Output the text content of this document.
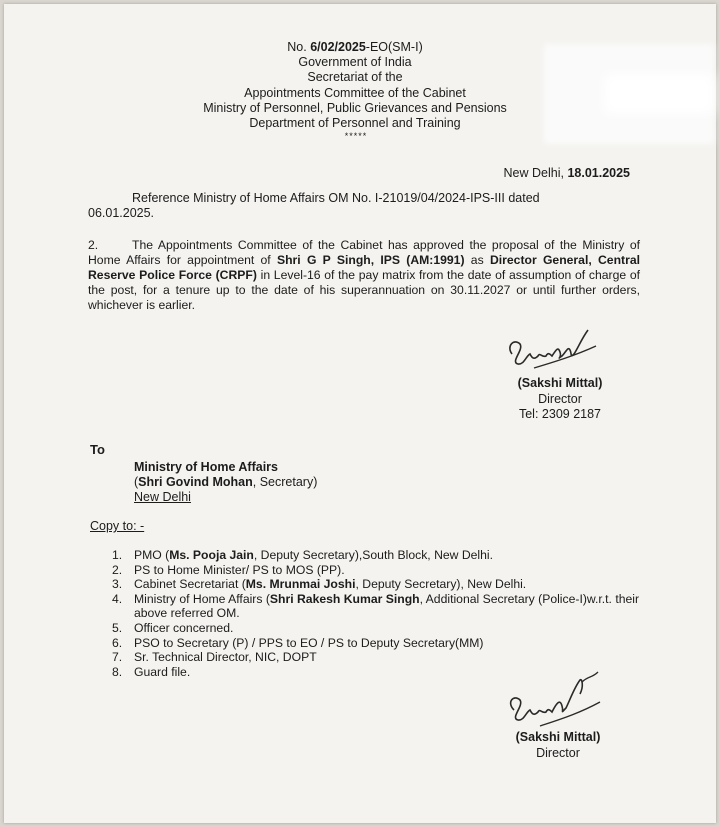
No. 6/02/2025-EO(SM-I)
Government of India
Secretariat of the
Appointments Committee of the Cabinet
Ministry of Personnel, Public Grievances and Pensions
Department of Personnel and Training
*****
New Delhi, 18.01.2025
Reference Ministry of Home Affairs OM No. I-21019/04/2024-IPS-III dated
06.01.2025.
2.	The Appointments Committee of the Cabinet has approved the proposal of the Ministry of Home Affairs for appointment of Shri G P Singh, IPS (AM:1991) as Director General, Central Reserve Police Force (CRPF) in Level-16 of the pay matrix from the date of assumption of charge of the post, for a tenure up to the date of his superannuation on 30.11.2027 or until further orders, whichever is earlier.
(Sakshi Mittal)
Director
Tel: 2309 2187
To
Ministry of Home Affairs
(Shri Govind Mohan, Secretary)
New Delhi
Copy to: -
1. PMO (Ms. Pooja Jain, Deputy Secretary),South Block, New Delhi.
2. PS to Home Minister/ PS to MOS (PP).
3. Cabinet Secretariat (Ms. Mrunmai Joshi, Deputy Secretary), New Delhi.
4. Ministry of Home Affairs (Shri Rakesh Kumar Singh, Additional Secretary (Police-I)w.r.t. their above referred OM.
5. Officer concerned.
6. PSO to Secretary (P) / PPS to EO / PS to Deputy Secretary(MM)
7. Sr. Technical Director, NIC, DOPT
8. Guard file.
(Sakshi Mittal)
Director
